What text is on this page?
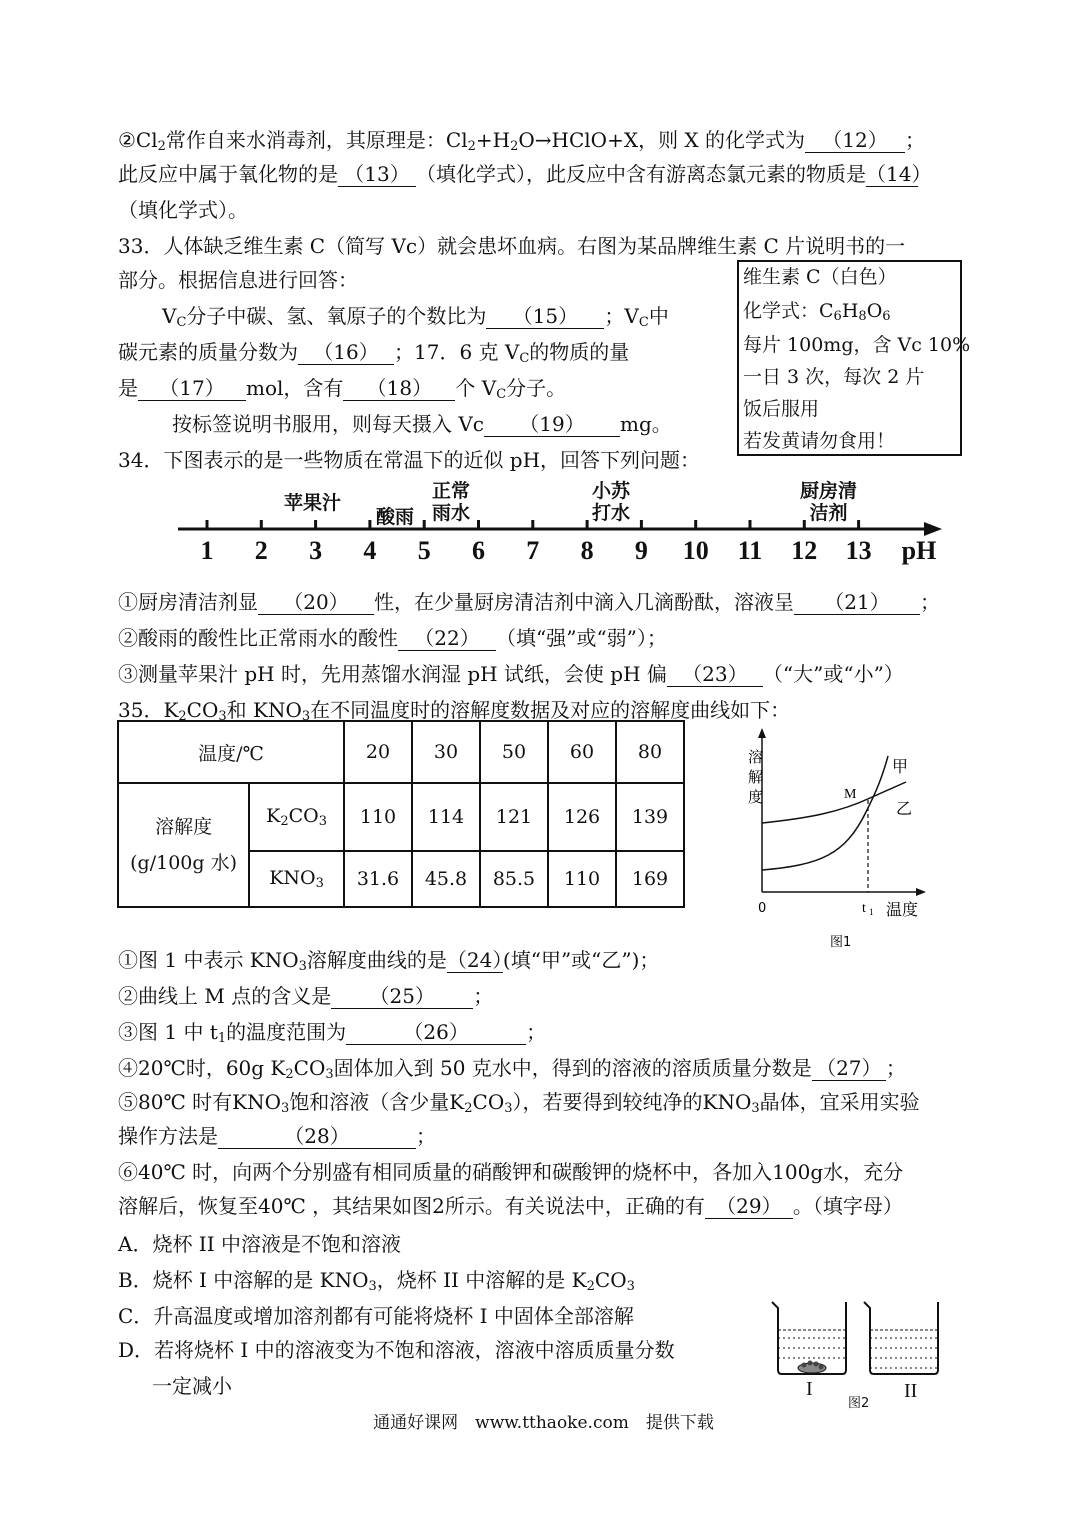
$②Cl_2$常作自来水消毒剂，其原理是：$Cl_2+H_2O\to HClO+X$，则 X 的化学式为 （12） ；
此反应中属于氧化物的是 （13） （填化学式），此反应中含有游离态氯元素的物质是（14）
（填化学式）。
33．人体缺乏维生素 C（简写 Vc）就会患坏血病。右图为某品牌维生素 C 片说明书的一
部分。根据信息进行回答：
$V_C$分子中碳、氢、氧原子的个数比为 （15） ；$V_C$中
碳元素的质量分数为 （16） ；17．6 克 $V_C$的物质的量
是 （17） mol，含有 （18） 个 $V_C$分子。
按标签说明书服用，则每天摄入 Vc （19） mg。
维生素 C（白色）
化学式：$C_6H_8O_6$
每片 100mg，含 Vc 10%
一日 3 次，每次 2 片
饭后服用
若发黄请勿食用！
34．下图表示的是一些物质在常温下的近似 pH，回答下列问题：
苹果汁
酸雨
正常
雨水
小苏
打水
厨房清
洁剂
1	2	3	4	5	6	7	8	9	10 11 12 13 pH
①厨房清洁剂显 （20） 性，在少量厨房清洁剂中滴入几滴酚酞，溶液呈 （21） ；
②酸雨的酸性比正常雨水的酸性 （22） （填“强”或“弱”）；
③测量苹果汁 pH 时，先用蒸馏水润湿 pH 试纸，会使 pH 偏 （23） （“大”或“小”）
35．$K_2CO_3$和 $KNO_3$在不同温度时的溶解度数据及对应的溶解度曲线如下：
温度/℃		20	30	50	60	80

溶解度
(g/100g 水)	$K_2CO_3$	110	114	121	126	139
	$KNO_3$	31.6	45.8	85.5	110	169
溶
解
度
0	t 1 温度
甲
乙
M
图1
①图 1 中表示 $KNO_3$溶解度曲线的是（24）(填“甲”或“乙”)；
②曲线上 M 点的含义是 （25） ；
③图 1 中 $t_1$的温度范围为	（26）	；
④20℃时，60g $K_2CO_3$固体加入到 50 克水中，得到的溶液的溶质质量分数是 （27） ；
⑤80℃ 时有$KNO_3$饱和溶液（含少量$K_2CO_3$），若要得到较纯净的$KNO_3$晶体，宜采用实验
操作方法是	（28）	；
⑥40℃ 时，向两个分别盛有相同质量的硝酸钾和碳酸钾的烧杯中，各加入100g水，充分
溶解后，恢复至40℃ ，其结果如图2所示。有关说法中，正确的有 （29） 。（填字母）
A．烧杯 II 中溶液是不饱和溶液
B．烧杯 I 中溶解的是 $KNO_3$，烧杯 II 中溶解的是 $K_2CO_3$
C．升高温度或增加溶剂都有可能将烧杯 I 中固体全部溶解
D．若将烧杯 I 中的溶液变为不饱和溶液，溶液中溶质质量分数
一定减小	I
图2
II
通通好课网　www.tthaoke.com　提供下载
